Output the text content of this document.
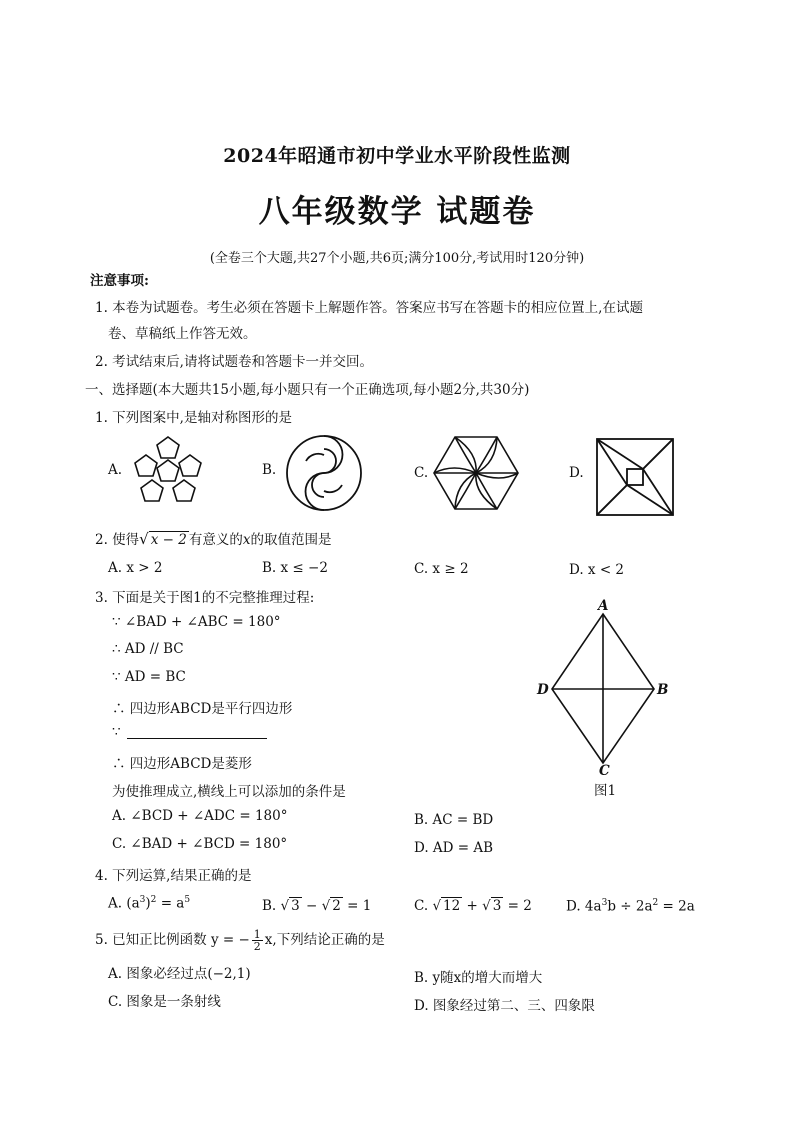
2024年昭通市初中学业水平阶段性监测
八年级数学 试题卷
(全卷三个大题,共27个小题,共6页;满分100分,考试用时120分钟)
注意事项:
1. 本卷为试题卷。考生必须在答题卡上解题作答。答案应书写在答题卡的相应位置上,在试题
卷、草稿纸上作答无效。
2. 考试结束后,请将试题卷和答题卡一并交回。
一、选择题(本大题共15小题,每小题只有一个正确选项,每小题2分,共30分)
1. 下列图案中,是轴对称图形的是
A.	B.	C.	D.
2. 使得√ x − 2 有意义的x的取值范围是
A. x > 2	B. x ≤ −2	C. x ≥ 2	D. x < 2
3. 下面是关于图1的不完整推理过程:
∵ ∠BAD + ∠ABC = 180°
∴ AD // BC
∵ AD = BC
∴ 四边形ABCD是平行四边形
∵
∴ 四边形ABCD是菱形
为使推理成立,横线上可以添加的条件是
A. ∠BCD + ∠ADC = 180°	B. AC = BD
C. ∠BAD + ∠BCD = 180°	D. AD = AB
A
B
C
D
图1
4. 下列运算,结果正确的是
A. $(a^3)^2 = a^5$	B. √ 3 − √ 2 = 1	C. √ 12 + √ 3 = 2	D. $4a^3b \div 2a^2 = 2a$
5. 已知正比例函数 y = − $\frac{1}{2} x$,下列结论正确的是
A. 图象必经过点(−2,1)	B. y随x的增大而增大
C. 图象是一条射线	D. 图象经过第二、三、四象限
